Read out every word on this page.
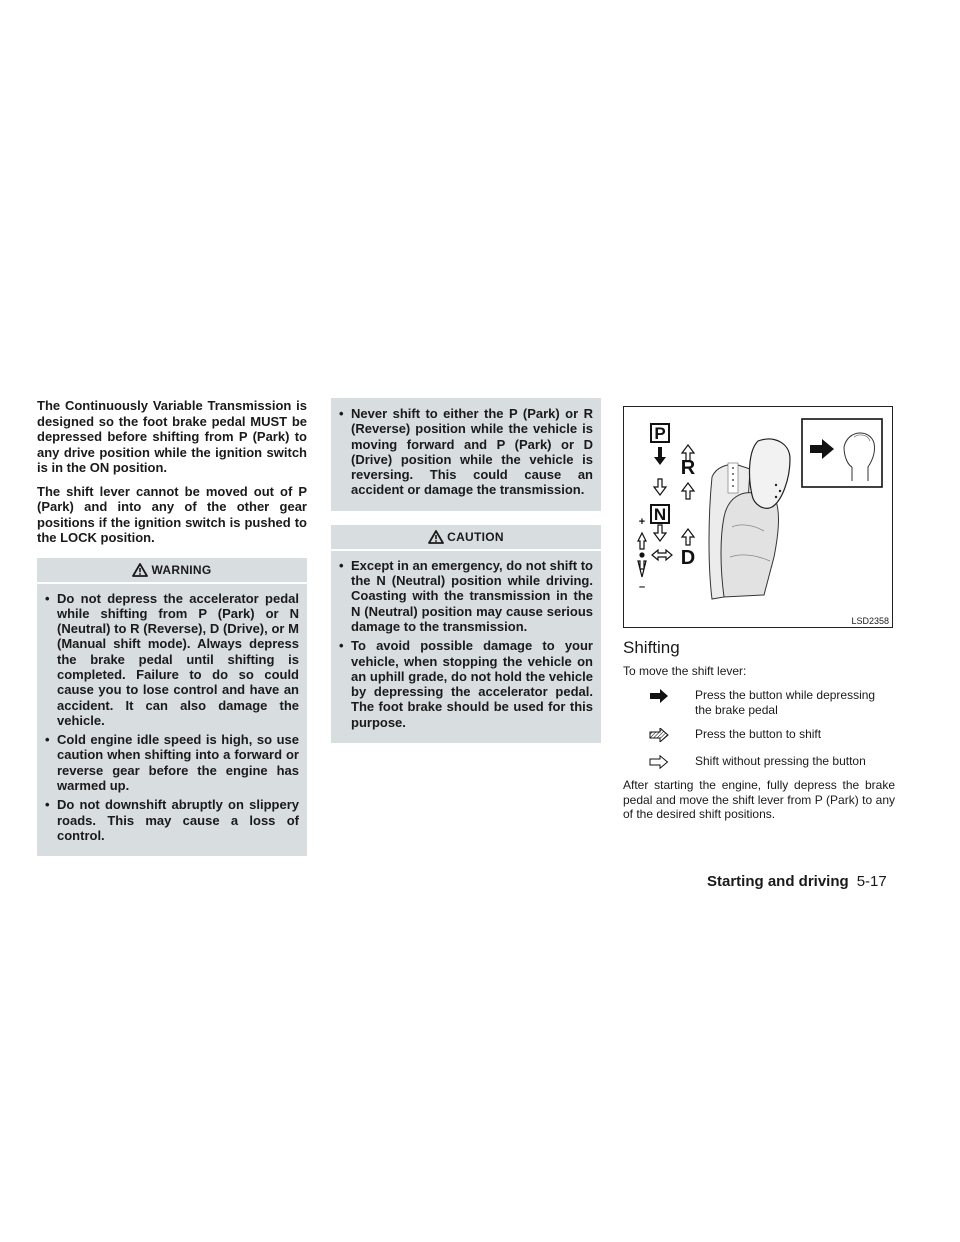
The Continuously Variable Transmission is designed so the foot brake pedal MUST be depressed before shifting from P (Park) to any drive position while the ignition switch is in the ON position.

The shift lever cannot be moved out of P (Park) and into any of the other gear positions if the ignition switch is pushed to the LOCK position.

WARNING
• Do not depress the accelerator pedal while shifting from P (Park) or N (Neutral) to R (Reverse), D (Drive), or M (Manual shift mode). Always depress the brake pedal until shifting is completed. Failure to do so could cause you to lose control and have an accident. It can also damage the vehicle.
• Cold engine idle speed is high, so use caution when shifting into a forward or reverse gear before the engine has warmed up.
• Do not downshift abruptly on slippery roads. This may cause a loss of control.
• Never shift to either the P (Park) or R (Reverse) position while the vehicle is moving forward and P (Park) or D (Drive) position while the vehicle is reversing. This could cause an accident or damage the transmission.
CAUTION
• Except in an emergency, do not shift to the N (Neutral) position while driving. Coasting with the transmission in the N (Neutral) position may cause serious damage to the transmission.
• To avoid possible damage to your vehicle, when stopping the vehicle on an uphill grade, do not hold the vehicle by depressing the accelerator pedal. The foot brake should be used for this purpose.
P
R
N
D
+
–
LSD2358
Shifting

To move the shift lever:

Press the button while depressing the brake pedal
Press the button to shift
Shift without pressing the button

After starting the engine, fully depress the brake pedal and move the shift lever from P (Park) to any of the desired shift positions.

Starting and driving 5-17
